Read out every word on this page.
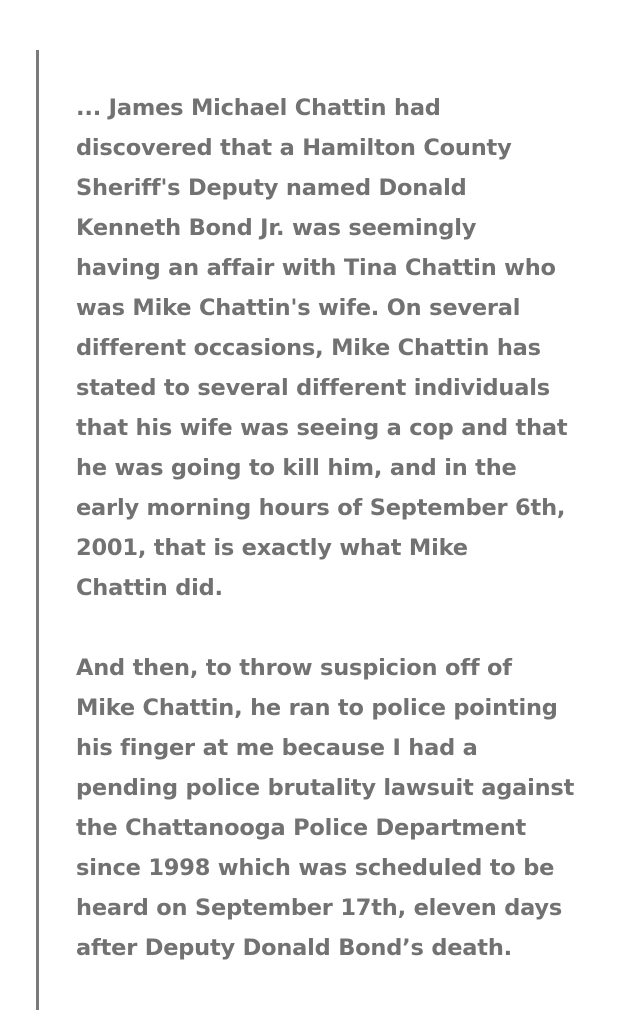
... James Michael Chattin had
discovered that a Hamilton County
Sheriff's Deputy named Donald
Kenneth Bond Jr. was seemingly
having an affair with Tina Chattin who
was Mike Chattin's wife. On several
different occasions, Mike Chattin has
stated to several different individuals
that his wife was seeing a cop and that
he was going to kill him, and in the
early morning hours of September 6th,
2001, that is exactly what Mike
Chattin did.

And then, to throw suspicion off of
Mike Chattin, he ran to police pointing
his finger at me because I had a
pending police brutality lawsuit against
the Chattanooga Police Department
since 1998 which was scheduled to be
heard on September 17th, eleven days
after Deputy Donald Bond’s death.
